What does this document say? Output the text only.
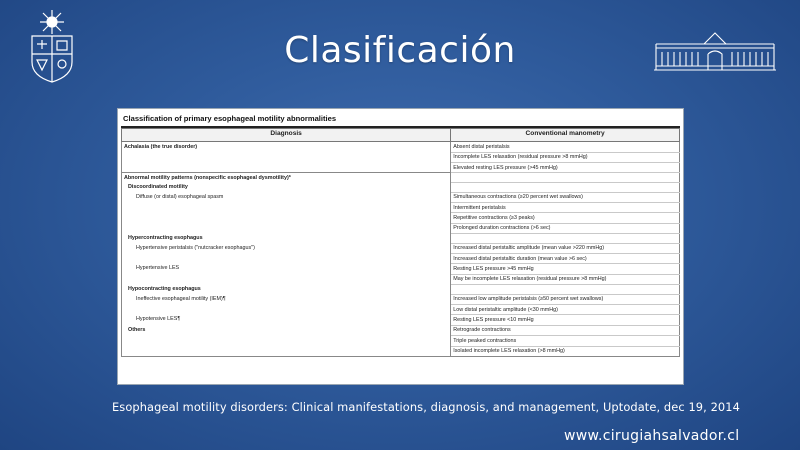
Clasificación
Classification of primary esophageal motility abnormalities
Diagnosis	Conventional manometry
Achalasia (the true disorder)	Absent distal peristalsis
	Incomplete LES relaxation (residual pressure >8 mmHg)
	Elevated resting LES pressure (>45 mmHg)
Abnormal motility patterns (nonspecific esophageal dysmotility)*	
Discoordinated motility	
Diffuse (or distal) esophageal spasm	Simultaneous contractions (≥20 percent wet swallows)
	Intermittent peristalsis
	Repetitive contractions (≥3 peaks)
	Prolonged duration contractions (>6 sec)
Hypercontracting esophagus	
Hypertensive peristalsis ("nutcracker esophagus")	Increased distal peristaltic amplitude (mean value >220 mmHg)
	Increased distal peristaltic duration (mean value >6 sec)
Hypertensive LES	Resting LES pressure >45 mmHg
	May be incomplete LES relaxation (residual pressure >8 mmHg)
Hypocontracting esophagus	
Ineffective esophageal motility (IEM)¶	Increased low amplitude peristalsis (≥50 percent wet swallows)
	Low distal peristaltic amplitude (<30 mmHg)
Hypotensive LES¶	Resting LES pressure <10 mmHg
Others	Retrograde contractions
	Triple peaked contractions
	Isolated incomplete LES relaxation (>8 mmHg)
Esophageal motility disorders: Clinical manifestations, diagnosis, and management, Uptodate, dec 19, 2014
www.cirugiahsalvador.cl
